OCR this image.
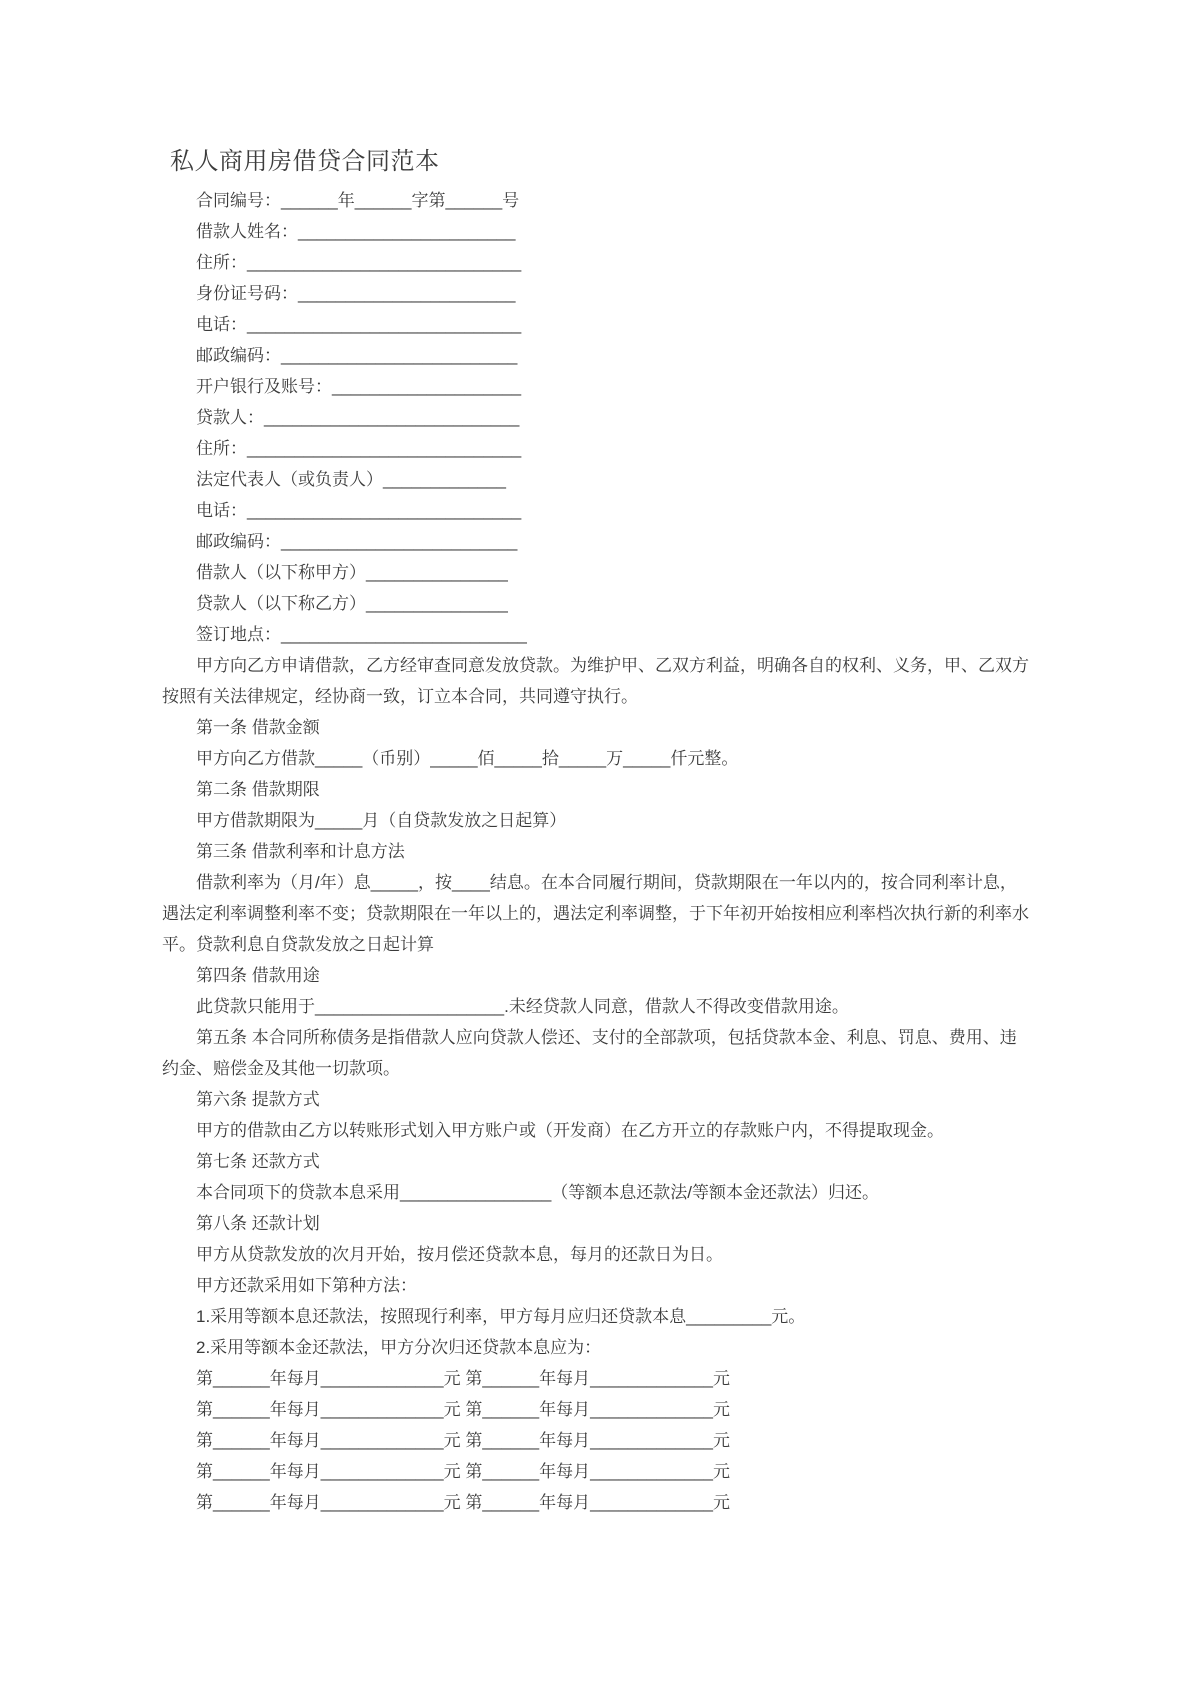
私人商用房借贷合同范本

合同编号：______年______字第______号

借款人姓名：_______________________

住所：_____________________________

身份证号码：_______________________

电话：_____________________________

邮政编码：_________________________

开户银行及账号：____________________

贷款人：___________________________

住所：_____________________________

法定代表人（或负责人）_____________

电话：_____________________________

邮政编码：_________________________

借款人（以下称甲方）_______________

贷款人（以下称乙方）_______________

签订地点：__________________________

甲方向乙方申请借款，乙方经审查同意发放贷款。为维护甲、乙双方利益，明确各自的权利、义务，甲、乙双方按照有关法律规定，经协商一致，订立本合同，共同遵守执行。

第一条 借款金额

甲方向乙方借款_____（币别）_____佰_____拾_____万_____仟元整。

第二条 借款期限

甲方借款期限为_____月（自贷款发放之日起算）

第三条 借款利率和计息方法

借款利率为（月/年）息_____，按____结息。在本合同履行期间，贷款期限在一年以内的，按合同利率计息，遇法定利率调整利率不变；贷款期限在一年以上的，遇法定利率调整，于下年初开始按相应利率档次执行新的利率水平。贷款利息自贷款发放之日起计算

第四条 借款用途

此贷款只能用于____________________.未经贷款人同意，借款人不得改变借款用途。

第五条 本合同所称债务是指借款人应向贷款人偿还、支付的全部款项，包括贷款本金、利息、罚息、费用、违约金、赔偿金及其他一切款项。

第六条 提款方式

甲方的借款由乙方以转账形式划入甲方账户或（开发商）在乙方开立的存款账户内，不得提取现金。

第七条 还款方式

本合同项下的贷款本息采用________________（等额本息还款法/等额本金还款法）归还。

第八条 还款计划

甲方从贷款发放的次月开始，按月偿还贷款本息，每月的还款日为日。

甲方还款采用如下第种方法：

1.采用等额本息还款法，按照现行利率，甲方每月应归还贷款本息_________元。

2.采用等额本金还款法，甲方分次归还贷款本息应为：

第______年每月_____________元 第______年每月_____________元

第______年每月_____________元 第______年每月_____________元

第______年每月_____________元 第______年每月_____________元

第______年每月_____________元 第______年每月_____________元

第______年每月_____________元 第______年每月_____________元
